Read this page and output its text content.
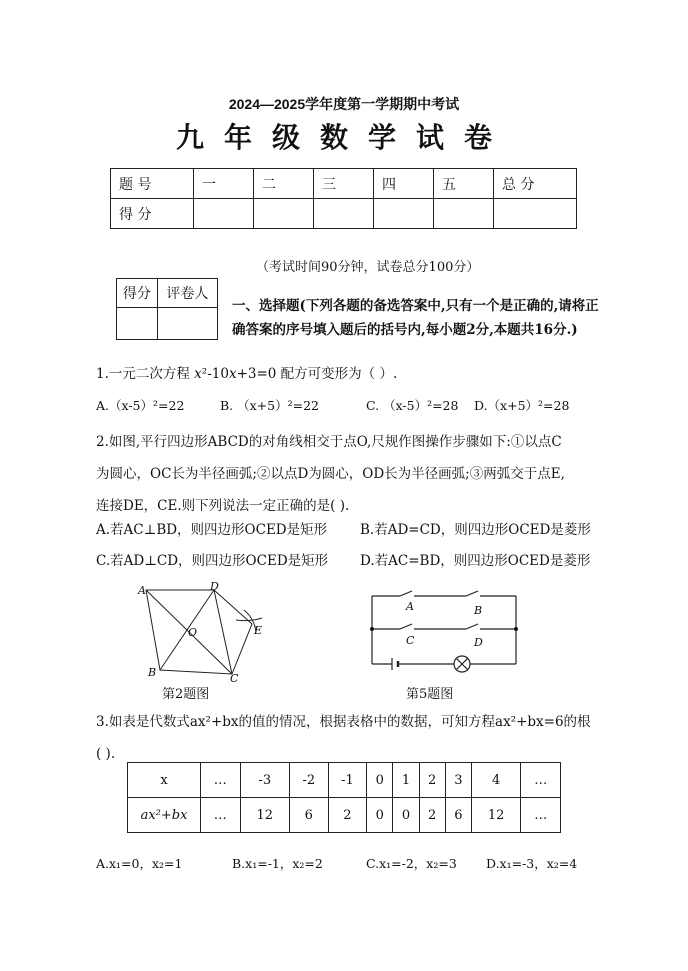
2024—2025学年度第一学期期中考试
九年级数学试卷
题 号	一	二	三	四	五	总 分
得 分						
（考试时间90分钟，试卷总分100分）
得分	评卷人

一、选择题(下列各题的备选答案中,只有一个是正确的,请将正
确答案的序号填入题后的括号内,每小题2分,本题共16分.)
1.一元二次方程 x²-10x+3=0 配方可变形为（ ）.
A.（x-5）²=22	B. （x+5）²=22	C. （x-5）²=28 D.（x+5）²=28
2.如图,平行四边形ABCD的对角线相交于点O,尺规作图操作步骤如下:①以点C
为圆心，OC长为半径画弧;②以点D为圆心，OD长为半径画弧;③两弧交于点E,
连接DE，CE.则下列说法一定正确的是( ).
A.若AC⊥BD，则四边形OCED是矩形 B.若AD=CD，则四边形OCED是菱形
C.若AD⊥CD，则四边形OCED是矩形 D.若AC=BD，则四边形OCED是菱形
A	D
B	C
E
O
第2题图
A	B
C	D
第5题图
3.如表是代数式ax²+bx的值的情况，根据表格中的数据，可知方程ax²+bx=6的根
( ).
x	…	-3	-2	-1	0	1	2	3	4	…
ax²+bx	…	12	6	2	0	0	2	6	12	…
A.x₁=0，x₂=1	B.x₁=-1，x₂=2	C.x₁=-2，x₂=3 D.x₁=-3，x₂=4
